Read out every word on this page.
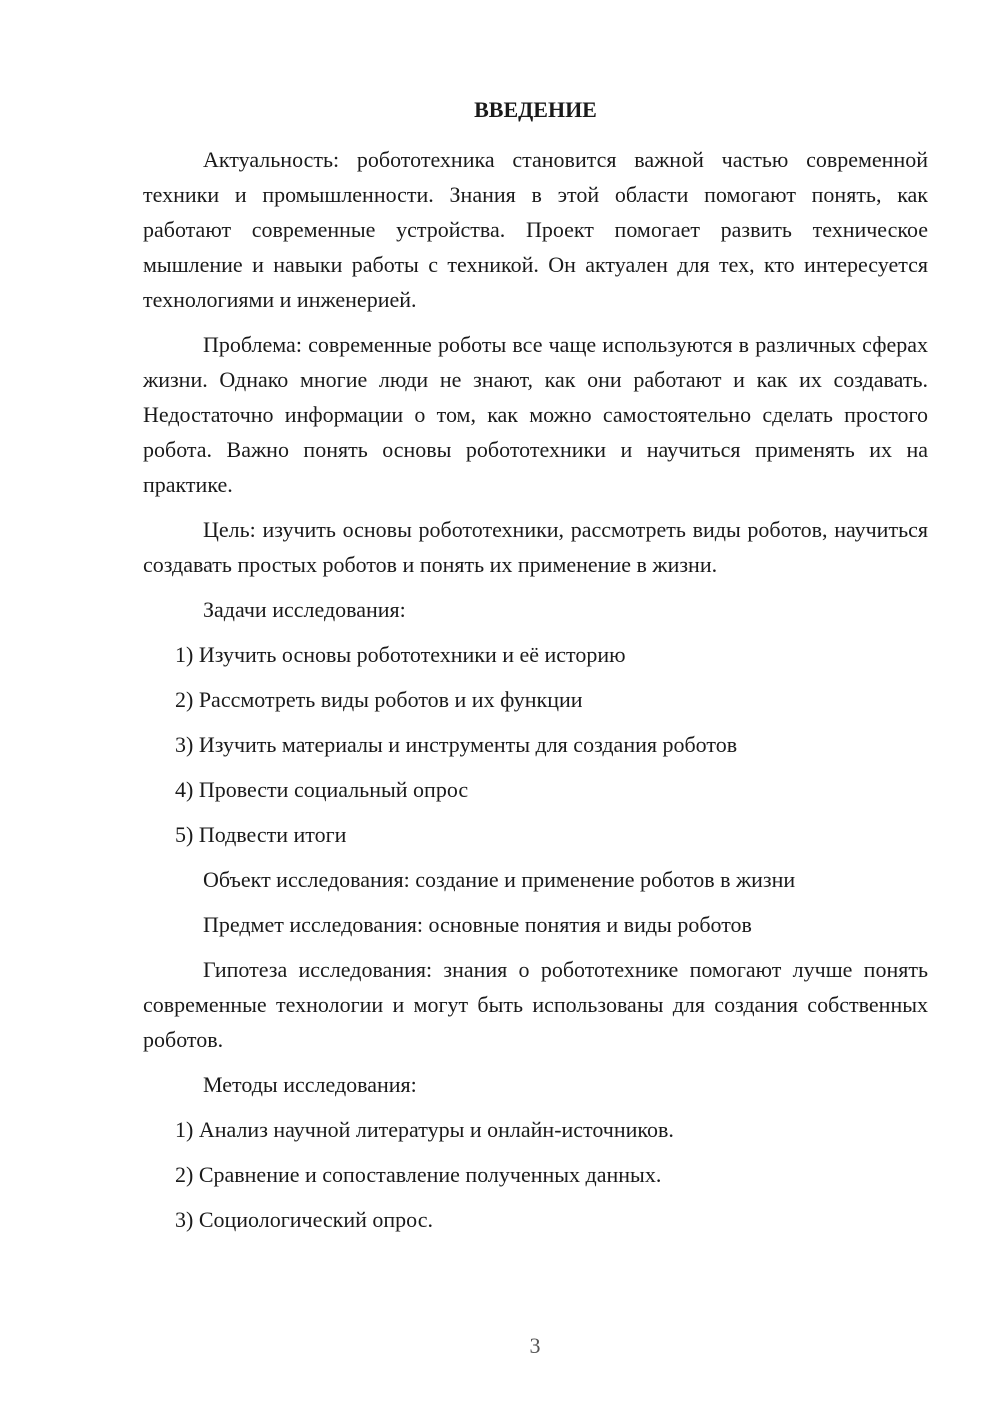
ВВЕДЕНИЕ

Актуальность: робототехника становится важной частью современной техники и промышленности. Знания в этой области помогают понять, как работают современные устройства. Проект помогает развить техническое мышление и навыки работы с техникой. Он актуален для тех, кто интересуется технологиями и инженерией.

Проблема: современные роботы все чаще используются в различных сферах жизни. Однако многие люди не знают, как они работают и как их создавать. Недостаточно информации о том, как можно самостоятельно сделать простого робота. Важно понять основы робототехники и научиться применять их на практике.

Цель: изучить основы робототехники, рассмотреть виды роботов, научиться создавать простых роботов и понять их применение в жизни.

Задачи исследования:
1) Изучить основы робототехники и её историю
2) Рассмотреть виды роботов и их функции
3) Изучить материалы и инструменты для создания роботов
4) Провести социальный опрос
5) Подвести итоги
Объект исследования: создание и применение роботов в жизни
Предмет исследования: основные понятия и виды роботов

Гипотеза исследования: знания о робототехнике помогают лучше понять современные технологии и могут быть использованы для создания собственных роботов.

Методы исследования:
1) Анализ научной литературы и онлайн-источников.
2) Сравнение и сопоставление полученных данных.
3) Социологический опрос.
3
